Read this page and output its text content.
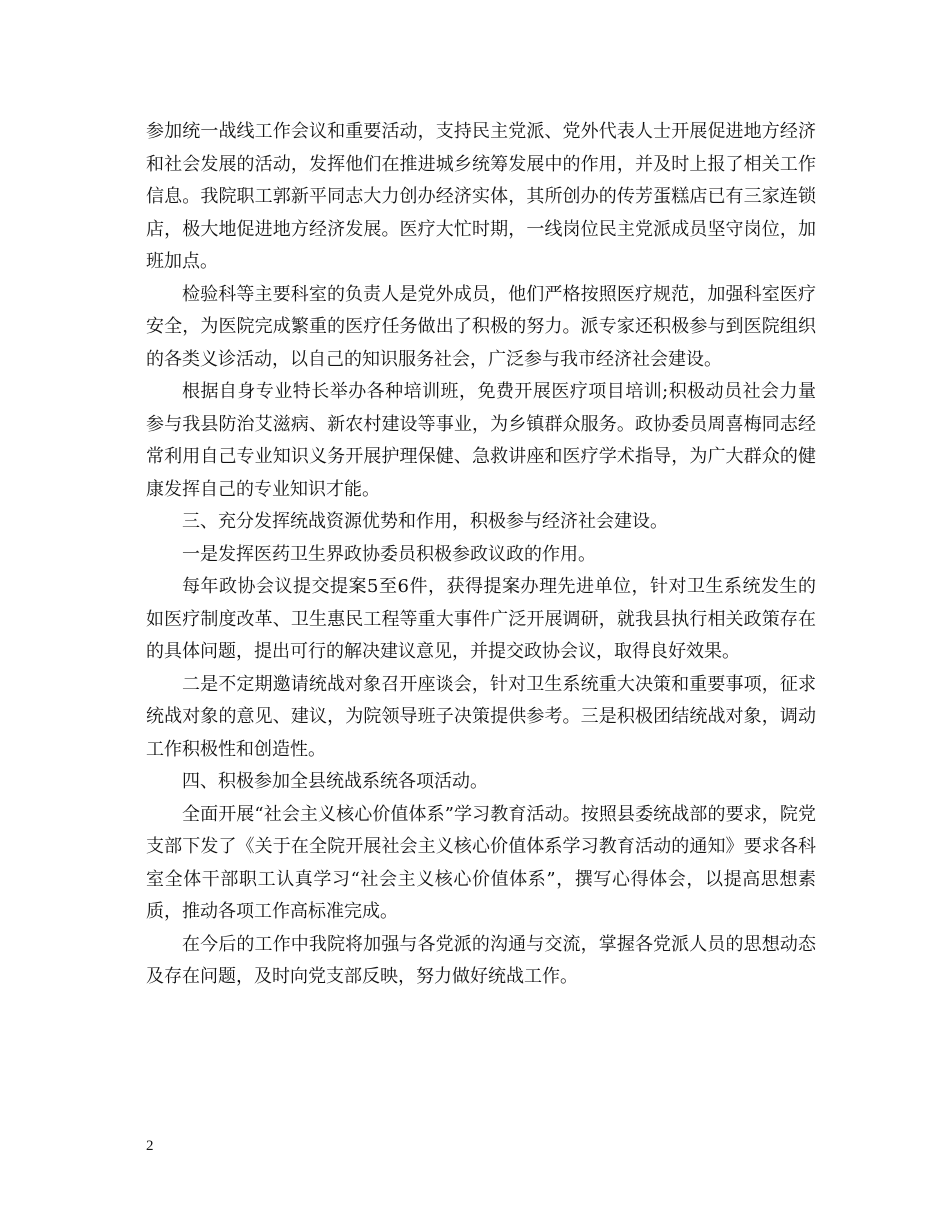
参加统一战线工作会议和重要活动，支持民主党派、党外代表人士开展促进地方经济和社会发展的活动，发挥他们在推进城乡统筹发展中的作用，并及时上报了相关工作信息。我院职工郭新平同志大力创办经济实体，其所创办的传芳蛋糕店已有三家连锁店，极大地促进地方经济发展。医疗大忙时期，一线岗位民主党派成员坚守岗位，加班加点。

检验科等主要科室的负责人是党外成员，他们严格按照医疗规范，加强科室医疗安全，为医院完成繁重的医疗任务做出了积极的努力。派专家还积极参与到医院组织的各类义诊活动，以自己的知识服务社会，广泛参与我市经济社会建设。

根据自身专业特长举办各种培训班，免费开展医疗项目培训;积极动员社会力量参与我县防治艾滋病、新农村建设等事业，为乡镇群众服务。政协委员周喜梅同志经常利用自己专业知识义务开展护理保健、急救讲座和医疗学术指导，为广大群众的健康发挥自己的专业知识才能。

三、充分发挥统战资源优势和作用，积极参与经济社会建设。

一是发挥医药卫生界政协委员积极参政议政的作用。

每年政协会议提交提案5至6件，获得提案办理先进单位，针对卫生系统发生的如医疗制度改革、卫生惠民工程等重大事件广泛开展调研，就我县执行相关政策存在的具体问题，提出可行的解决建议意见，并提交政协会议，取得良好效果。

二是不定期邀请统战对象召开座谈会，针对卫生系统重大决策和重要事项，征求统战对象的意见、建议，为院领导班子决策提供参考。三是积极团结统战对象，调动工作积极性和创造性。

四、积极参加全县统战系统各项活动。

全面开展“社会主义核心价值体系”学习教育活动。按照县委统战部的要求，院党支部下发了《关于在全院开展社会主义核心价值体系学习教育活动的通知》要求各科室全体干部职工认真学习“社会主义核心价值体系”，撰写心得体会，以提高思想素质，推动各项工作高标准完成。

在今后的工作中我院将加强与各党派的沟通与交流，掌握各党派人员的思想动态及存在问题，及时向党支部反映，努力做好统战工作。

2
